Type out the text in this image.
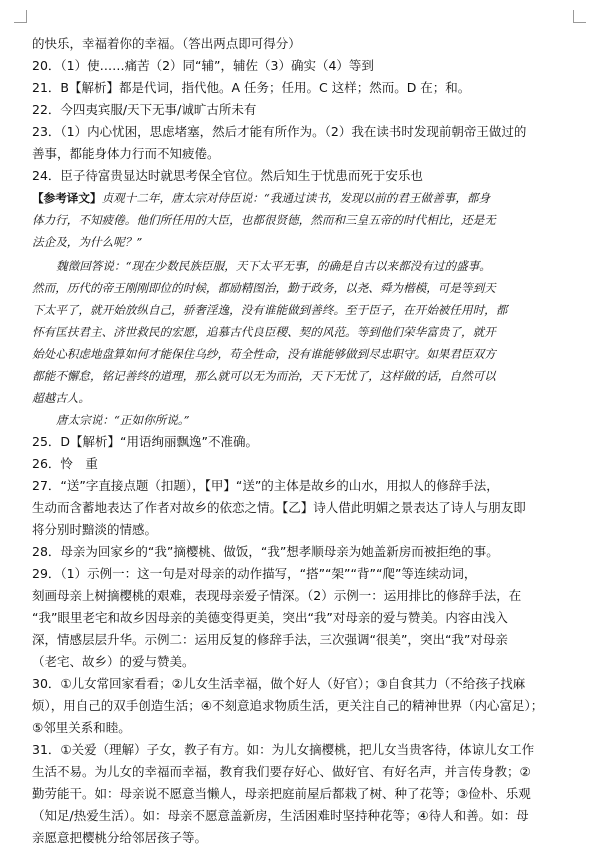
的快乐，幸福着你的幸福。（答出两点即可得分）
20．（1）使……痛苦（2）同“辅”，辅佐（3）确实（4）等到
21．B【解析】都是代词，指代他。A 任务；任用。C 这样；然而。D 在；和。
22．今四夷宾服/天下无事/诚旷古所未有
23．（1）内心忧困，思虑堵塞，然后才能有所作为。（2）我在读书时发现前朝帝王做过的
善事，都能身体力行而不知疲倦。
24．臣子待富贵显达时就思考保全官位。然后知生于忧患而死于安乐也
【参考译文】贞观十二年，唐太宗对侍臣说：“我通过读书，发现以前的君王做善事，都身
体力行，不知疲倦。他们所任用的大臣，也都很贤德，然而和三皇五帝的时代相比，还是无
法企及，为什么呢？”
魏徵回答说：“现在少数民族臣服，天下太平无事，的确是自古以来都没有过的盛事。
然而，历代的帝王刚刚即位的时候，都励精图治，勤于政务，以尧、舜为楷模，可是等到天
下太平了，就开始放纵自己，骄奢淫逸，没有谁能做到善终。至于臣子，在开始被任用时，都
怀有匡扶君主、济世救民的宏愿，追慕古代良臣稷、契的风范。等到他们荣华富贵了，就开
始处心积虑地盘算如何才能保住乌纱，苟全性命，没有谁能够做到尽忠职守。如果君臣双方
都能不懈怠，铭记善终的道理，那么就可以无为而治，天下无忧了，这样做的话，自然可以
超越古人。
唐太宗说：“正如你所说。”
25．D【解析】“用语绚丽飘逸”不准确。
26．怜　重
27．“送”字直接点题（扣题），【甲】“送”的主体是故乡的山水，用拟人的修辞手法，
生动而含蓄地表达了作者对故乡的依恋之情。【乙】诗人借此明媚之景表达了诗人与朋友即
将分别时黯淡的情感。
28．母亲为回家乡的“我”摘樱桃、做饭，“我”想孝顺母亲为她盖新房而被拒绝的事。
29．（1）示例一：这一句是对母亲的动作描写，“搭”“架”“背”“爬”等连续动词，
刻画母亲上树摘樱桃的艰难，表现母亲爱子情深。（2）示例一：运用排比的修辞手法，在
“我”眼里老宅和故乡因母亲的美德变得更美，突出“我”对母亲的爱与赞美。内容由浅入
深，情感层层升华。示例二：运用反复的修辞手法，三次强调“很美”，突出“我”对母亲
（老宅、故乡）的爱与赞美。
30．①儿女常回家看看；②儿女生活幸福，做个好人（好官）；③自食其力（不给孩子找麻
烦），用自己的双手创造生活；④不刻意追求物质生活，更关注自己的精神世界（内心富足）；
⑤邻里关系和睦。
31．①关爱（理解）子女，教子有方。如：为儿女摘樱桃，把儿女当贵客待，体谅儿女工作
生活不易。为儿女的幸福而幸福，教育我们要存好心、做好官、有好名声，并言传身教；②
勤劳能干。如：母亲说不愿意当懒人，母亲把庭前屋后都栽了树、种了花等；③俭朴、乐观
（知足/热爱生活）。如：母亲不愿意盖新房，生活困难时坚持种花等；④待人和善。如：母
亲愿意把樱桃分给邻居孩子等。
